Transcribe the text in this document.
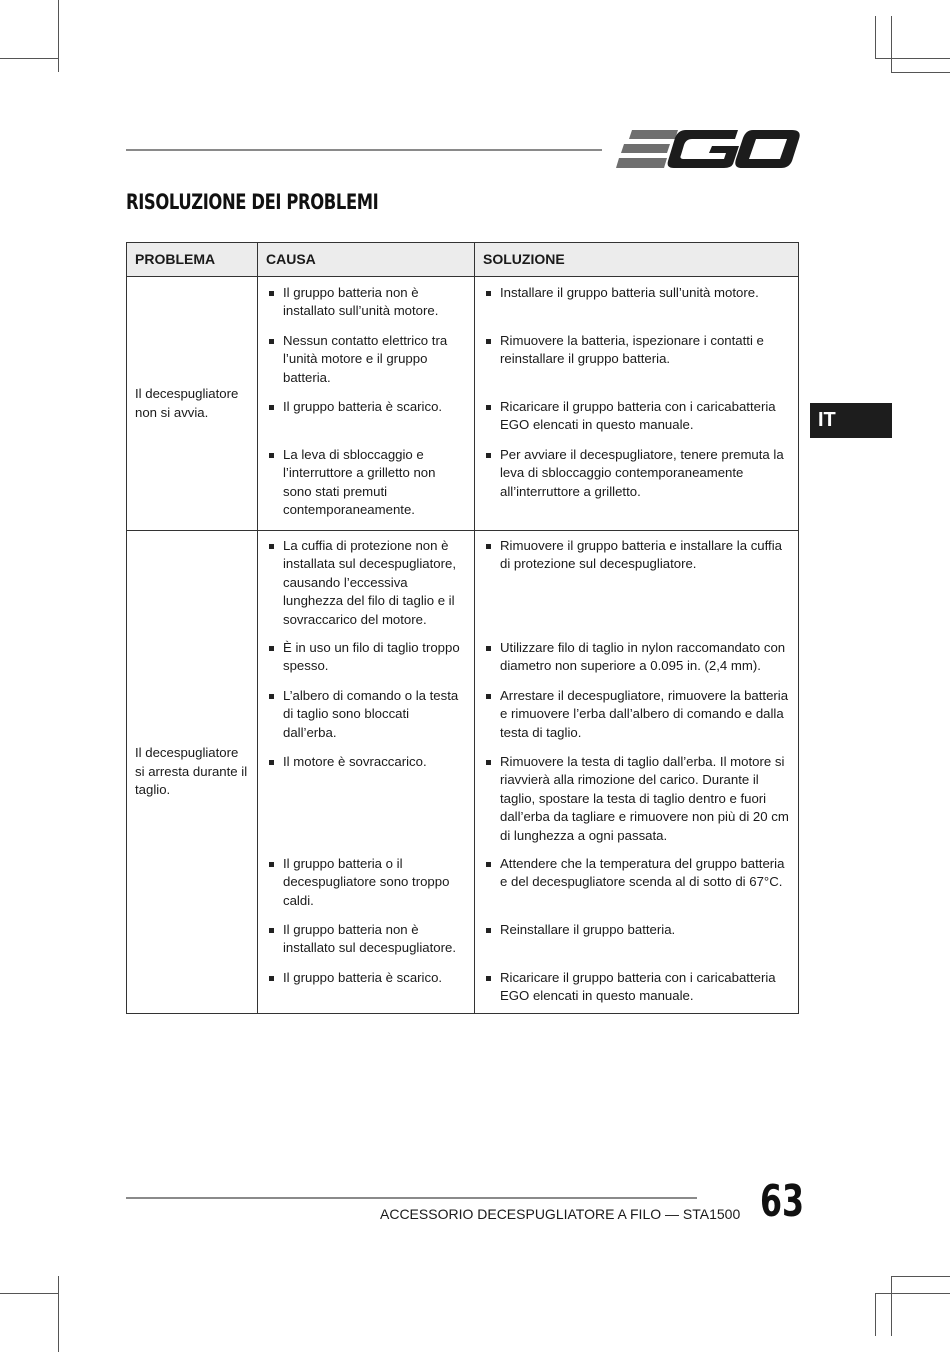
RISOLUZIONE DEI PROBLEMI
IT
PROBLEMA	CAUSA	SOLUZIONE
Il decespugliatore non si avvia.	Il gruppo batteria non è installato sull’unità motore.	Installare il gruppo batteria sull’unità motore.

	Nessun contatto elettrico tra l’unità motore e il gruppo batteria.	Rimuovere la batteria, ispezionare i contatti e reinstallare il gruppo batteria.

	Il gruppo batteria è scarico.	Ricaricare il gruppo batteria con i caricabatteria EGO elencati in questo manuale.

	La leva di sbloccaggio e l’interruttore a grilletto non sono stati premuti contemporaneamente.	Per avviare il decespugliatore, tenere premuta la leva di sbloccaggio contemporaneamente all’interruttore a grilletto.

Il decespugliatore si arresta durante il taglio.	La cuffia di protezione non è installata sul decespugliatore, causando l’eccessiva lunghezza del filo di taglio e il sovraccarico del motore.	Rimuovere il gruppo batteria e installare la cuffia di protezione sul decespugliatore.

	È in uso un filo di taglio troppo spesso.	Utilizzare filo di taglio in nylon raccomandato con diametro non superiore a 0.095 in. (2,4 mm).

	L’albero di comando o la testa di taglio sono bloccati dall’erba.	Arrestare il decespugliatore, rimuovere la batteria e rimuovere l’erba dall’albero di comando e dalla testa di taglio.

	Il motore è sovraccarico.	Rimuovere la testa di taglio dall’erba. Il motore si riavvierà alla rimozione del carico. Durante il taglio, spostare la testa di taglio dentro e fuori dall’erba da tagliare e rimuovere non più di 20 cm di lunghezza a ogni passata.

	Il gruppo batteria o il decespugliatore sono troppo caldi.	Attendere che la temperatura del gruppo batteria e del decespugliatore scenda al di sotto di 67°C.

	Il gruppo batteria non è installato sul decespugliatore.	Reinstallare il gruppo batteria.

	Il gruppo batteria è scarico.	Ricaricare il gruppo batteria con i caricabatteria EGO elencati in questo manuale.
ACCESSORIO DECESPUGLIATORE A FILO — STA1500 63
